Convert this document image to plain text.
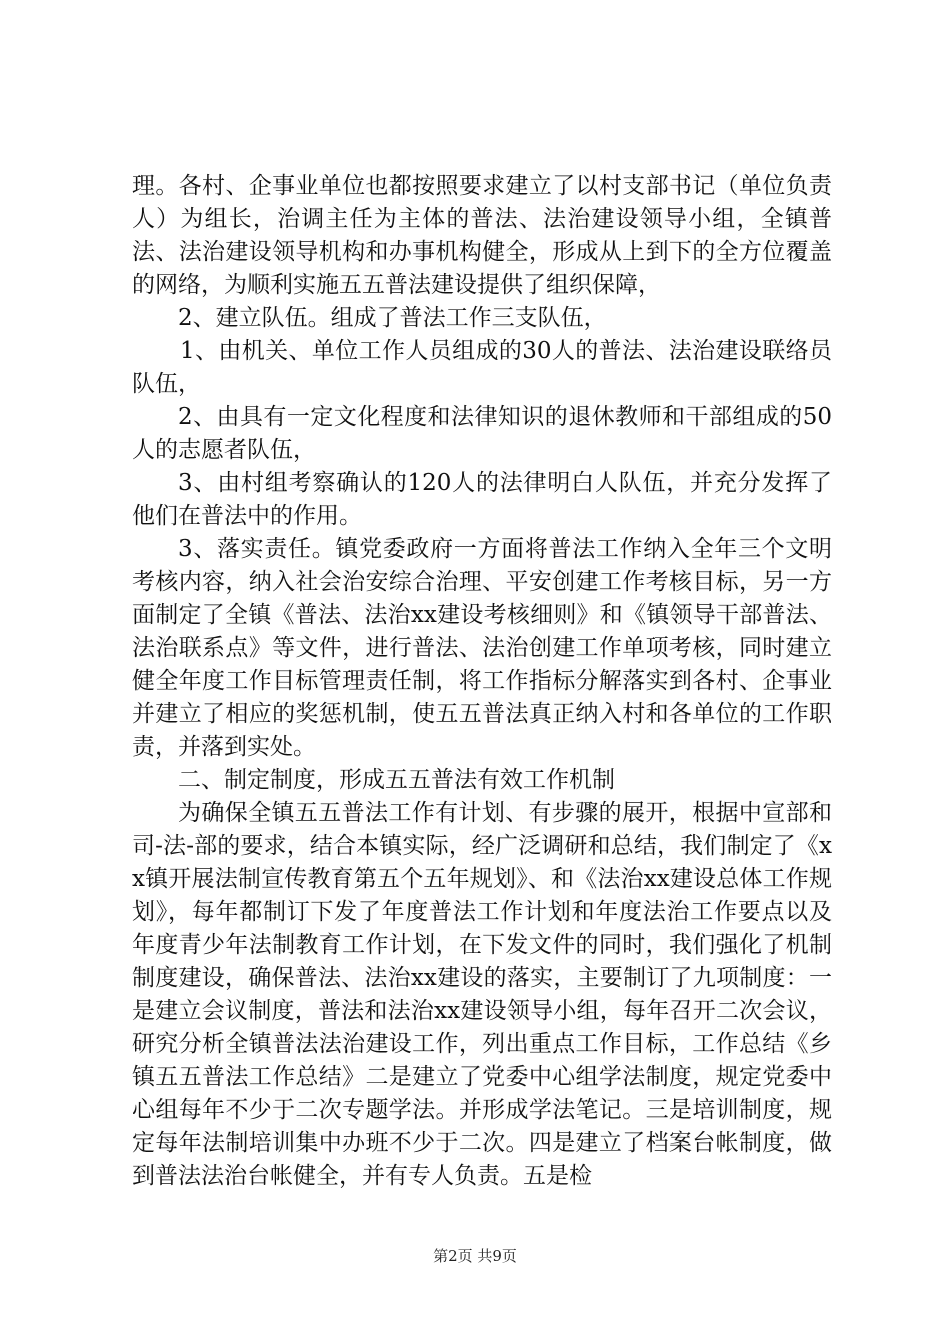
理。各村、企事业单位也都按照要求建立了以村支部书记（单位负责人）为组长，治调主任为主体的普法、法治建设领导小组，全镇普法、法治建设领导机构和办事机构健全，形成从上到下的全方位覆盖的网络，为顺利实施五五普法建设提供了组织保障，

2、建立队伍。组成了普法工作三支队伍，

1、由机关、单位工作人员组成的30人的普法、法治建设联络员队伍，

2、由具有一定文化程度和法律知识的退休教师和干部组成的50人的志愿者队伍，

3、由村组考察确认的120人的法律明白人队伍，并充分发挥了他们在普法中的作用。

3、落实责任。镇党委政府一方面将普法工作纳入全年三个文明考核内容，纳入社会治安综合治理、平安创建工作考核目标，另一方面制定了全镇《普法、法治xx建设考核细则》和《镇领导干部普法、法治联系点》等文件，进行普法、法治创建工作单项考核，同时建立健全年度工作目标管理责任制，将工作指标分解落实到各村、企事业并建立了相应的奖惩机制，使五五普法真正纳入村和各单位的工作职责，并落到实处。

二、制定制度，形成五五普法有效工作机制

为确保全镇五五普法工作有计划、有步骤的展开，根据中宣部和司-法-部的要求，结合本镇实际，经广泛调研和总结，我们制定了《xx镇开展法制宣传教育第五个五年规划》、和《法治xx建设总体工作规划》，每年都制订下发了年度普法工作计划和年度法治工作要点以及年度青少年法制教育工作计划，在下发文件的同时，我们强化了机制制度建设，确保普法、法治xx建设的落实，主要制订了九项制度：一是建立会议制度，普法和法治xx建设领导小组，每年召开二次会议，研究分析全镇普法法治建设工作，列出重点工作目标，工作总结《乡镇五五普法工作总结》二是建立了党委中心组学法制度，规定党委中心组每年不少于二次专题学法。并形成学法笔记。三是培训制度，规定每年法制培训集中办班不少于二次。四是建立了档案台帐制度，做到普法法治台帐健全，并有专人负责。五是检

第2页 共9页
